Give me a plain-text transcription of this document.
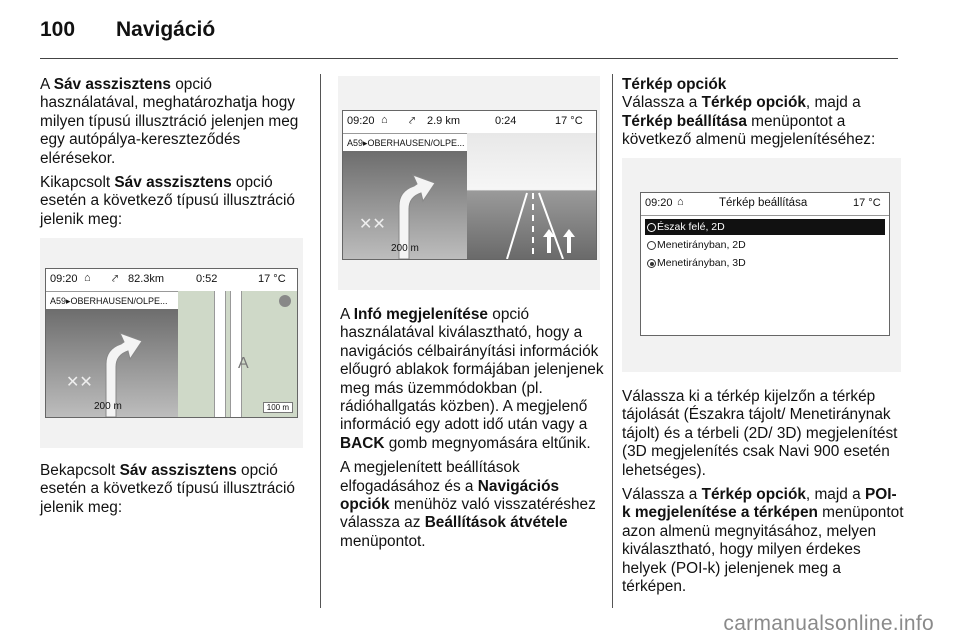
100 Navigáció

A Sáv asszisztens opció használatával, meghatározhatja hogy milyen típusú illusztráció jelenjen meg egy autópálya-kereszteződés elérésekor.

Kikapcsolt Sáv asszisztens opció esetén a következő típusú illusztráció jelenik meg:

09:20 ⌂ ⤤ 82.3km	0:52	17 °C
A59▸OBERHAUSEN/OLPE...
✕✕
200 m
A
100 m

Bekapcsolt Sáv asszisztens opció esetén a következő típusú illusztráció jelenik meg:

09:20 ⌂ ⤤ 2.9 km	0:24	17 °C
A59▸OBERHAUSEN/OLPE...
✕✕
200 m

A Infó megjelenítése opció használatával kiválasztható, hogy a navigációs célbairányítási információk előugró ablakok formájában jelenjenek meg más üzemmódokban (pl. rádióhallgatás közben). A megjelenő információ egy adott idő után vagy a BACK gomb megnyomására eltűnik.

A megjelenített beállítások elfogadásához és a Navigációs opciók menühöz való visszatéréshez válassza az Beállítások átvétele menüpontot.

Térkép opciók

Válassza a Térkép opciók, majd a Térkép beállítása menüpontot a következő almenü megjelenítéséhez:

09:20 ⌂	Térkép beállítása	17 °C
Észak felé, 2D
Menetirányban, 2D
Menetirányban, 3D

Válassza ki a térkép kijelzőn a térkép tájolását (Északra tájolt/ Menetiránynak tájolt) és a térbeli (2D/ 3D) megjelenítést (3D megjelenítés csak Navi 900 esetén lehetséges).

Válassza a Térkép opciók, majd a POI-k megjelenítése a térképen menüpontot azon almenü megnyitásához, melyen kiválasztható, hogy milyen érdekes helyek (POI-k) jelenjenek meg a térképen.

carmanualsonline.info
